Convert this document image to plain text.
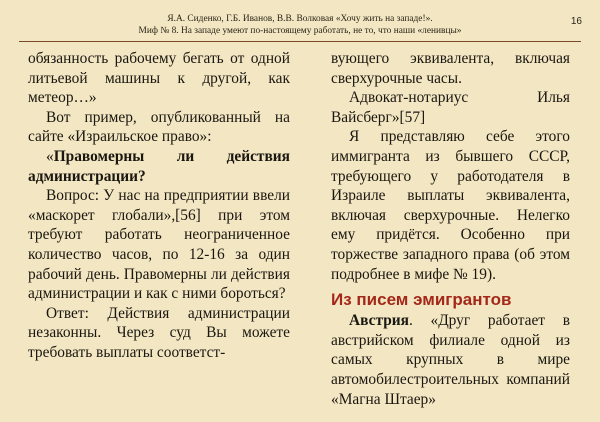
Я.А. Сиденко, Г.Б. Иванов, В.В. Волковая «Хочу жить на западе!».
Миф № 8. На западе умеют по-настоящему работать, не то, что наши «ленивцы»
16

обязанность рабочему бегать от одной литьевой машины к другой, как метеор…»

Вот пример, опубликованный на сайте «Израильское право»:

«Правомерны ли действия администрации?

Вопрос: У нас на предприятии ввели «маскорет глобали»,[56] при этом требуют работать неограниченное количество часов, по 12-16 за один рабочий день. Правомерны ли действия администрации и как с ними бороться?

Ответ: Действия администрации незаконны. Через суд Вы можете требовать выплаты соответст-

вующего эквивалента, включая сверхурочные часы.

Адвокат-нотариус Илья Вайсберг»[57]

Я представляю себе этого иммигранта из бывшего СССР, требующего у работодателя в Израиле выплаты эквивалента, включая сверхурочные. Нелегко ему придётся. Особенно при торжестве западного права (об этом подробнее в мифе № 19).

Из писем эмигрантов

Австрия. «Друг работает в австрийском филиале одной из самых крупных в мире автомобилестроительных компаний «Магна Штаер»
